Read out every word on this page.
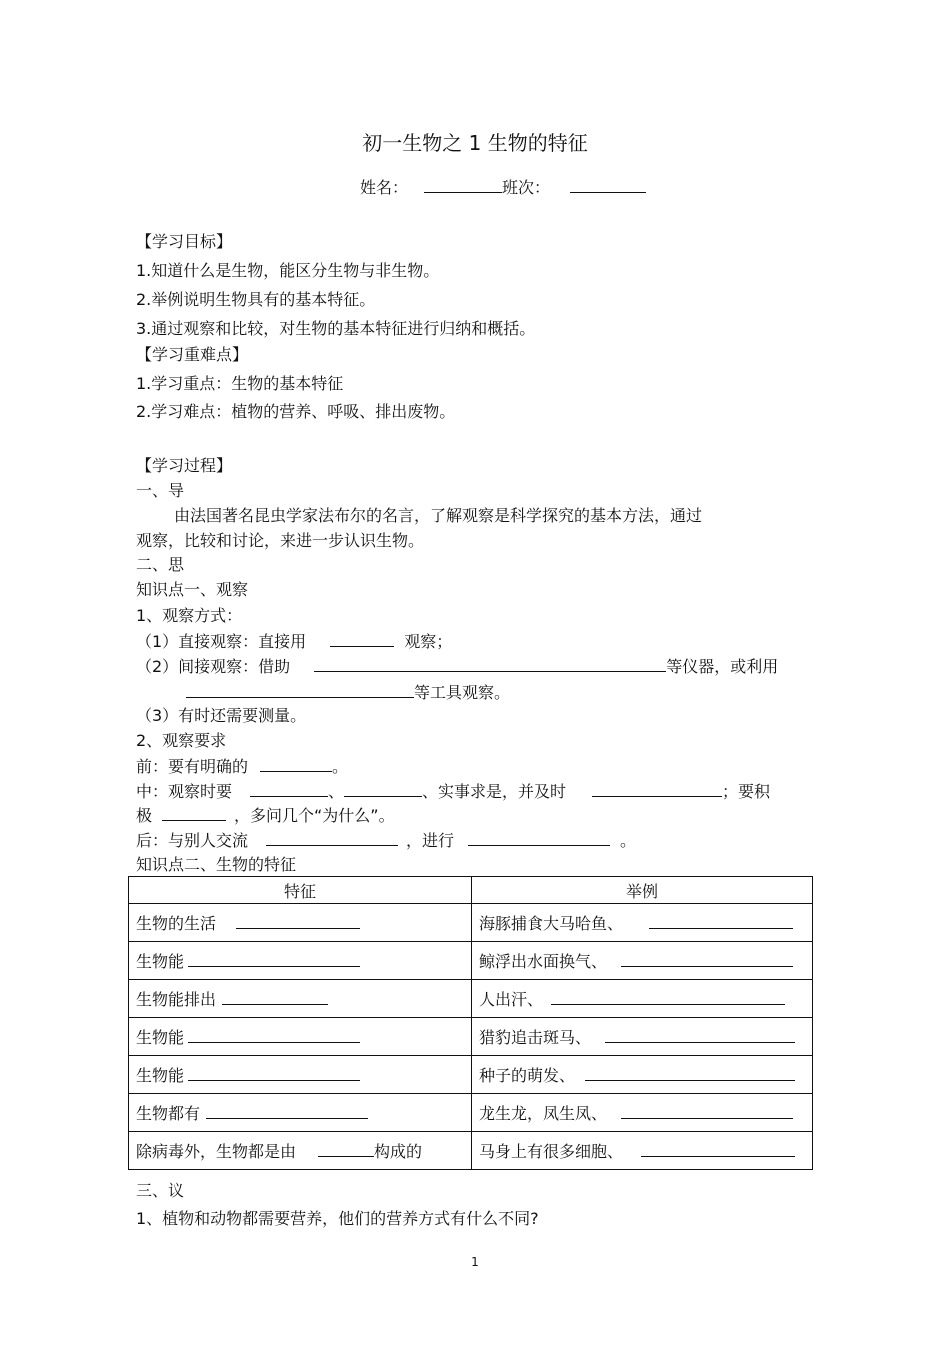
初一生物之 1 生物的特征
姓名：	班次：
【学习目标】
1.知道什么是生物，能区分生物与非生物。
2.举例说明生物具有的基本特征。
3.通过观察和比较，对生物的基本特征进行归纳和概括。
【学习重难点】
1.学习重点：生物的基本特征
2.学习难点：植物的营养、呼吸、排出废物。
【学习过程】
一、导
由法国著名昆虫学家法布尔的名言，了解观察是科学探究的基本方法，通过
观察，比较和讨论，来进一步认识生物。
二、思
知识点一、观察
1、观察方式：
（1）直接观察：直接用	观察；
（2）间接观察：借助	等仪器，或利用
等工具观察。
（3）有时还需要测量。
2、观察要求
前：要有明确的	。
中：观察时要	、	、实事求是，并及时	；要积
极	，多问几个“为什么”。
后：与别人交流	，进行	。
知识点二、生物的特征
特征	举例
生物的生活	海豚捕食大马哈鱼、
生物能	鲸浮出水面换气、
生物能排出	人出汗、
生物能	猎豹追击斑马、
生物能	种子的萌发、
生物都有	龙生龙，凤生凤、
除病毒外，生物都是由 构成的	马身上有很多细胞、
三、议
1、植物和动物都需要营养，他们的营养方式有什么不同?
1
